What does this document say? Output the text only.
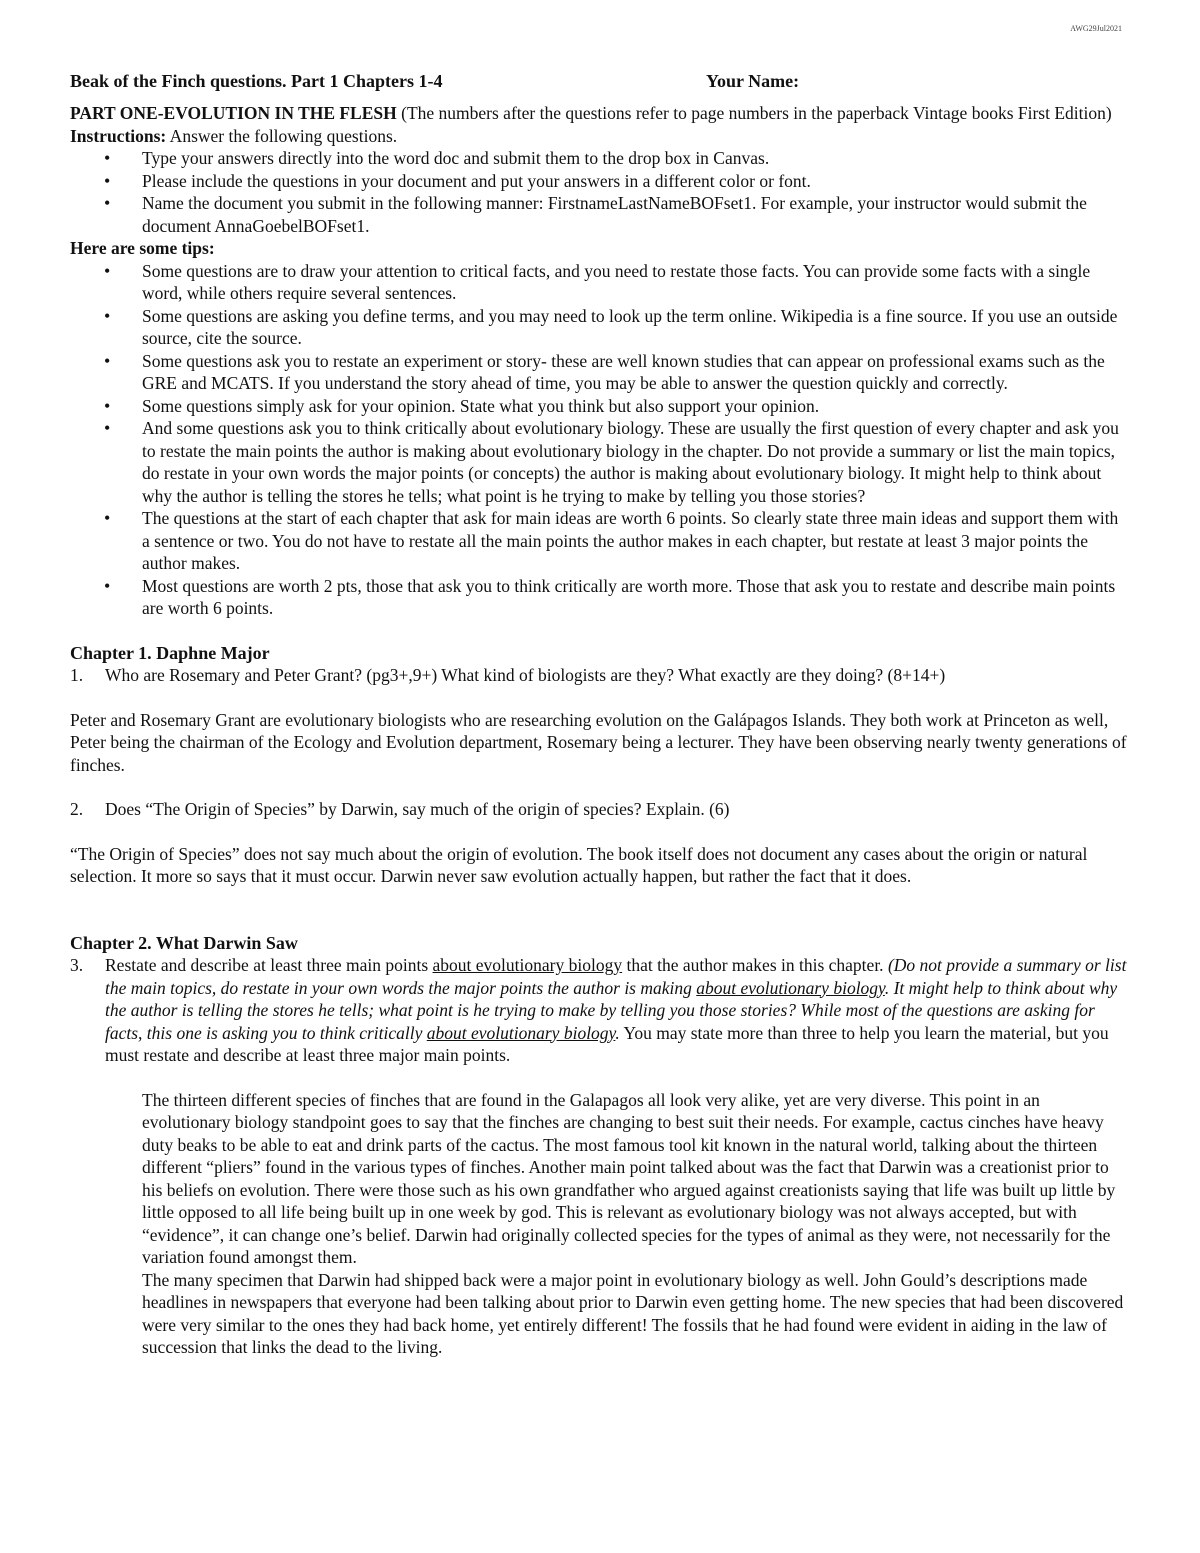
AWG29Jul2021
Beak of the Finch questions. Part 1 Chapters 1-4	Your Name:

PART ONE-EVOLUTION IN THE FLESH (The numbers after the questions refer to page numbers in the paperback Vintage books First Edition)

Instructions: Answer the following questions.

• Type your answers directly into the word doc and submit them to the drop box in Canvas.
• Please include the questions in your document and put your answers in a different color or font.
• Name the document you submit in the following manner: FirstnameLastNameBOFset1. For example, your instructor would submit the document AnnaGoebelBOFset1.

Here are some tips:

• Some questions are to draw your attention to critical facts, and you need to restate those facts. You can provide some facts with a single word, while others require several sentences.
• Some questions are asking you define terms, and you may need to look up the term online. Wikipedia is a fine source. If you use an outside source, cite the source.
• Some questions ask you to restate an experiment or story- these are well known studies that can appear on professional exams such as the GRE and MCATS. If you understand the story ahead of time, you may be able to answer the question quickly and correctly.
• Some questions simply ask for your opinion. State what you think but also support your opinion.
• And some questions ask you to think critically about evolutionary biology. These are usually the first question of every chapter and ask you to restate the main points the author is making about evolutionary biology in the chapter. Do not provide a summary or list the main topics, do restate in your own words the major points (or concepts) the author is making about evolutionary biology. It might help to think about why the author is telling the stores he tells; what point is he trying to make by telling you those stories?
• The questions at the start of each chapter that ask for main ideas are worth 6 points. So clearly state three main ideas and support them with a sentence or two. You do not have to restate all the main points the author makes in each chapter, but restate at least 3 major points the author makes.
• Most questions are worth 2 pts, those that ask you to think critically are worth more. Those that ask you to restate and describe main points are worth 6 points.

Chapter 1. Daphne Major

1. Who are Rosemary and Peter Grant? (pg3+,9+) What kind of biologists are they? What exactly are they doing? (8+14+)

Peter and Rosemary Grant are evolutionary biologists who are researching evolution on the Galápagos Islands. They both work at Princeton as well, Peter being the chairman of the Ecology and Evolution department, Rosemary being a lecturer. They have been observing nearly twenty generations of finches.

2. Does “The Origin of Species” by Darwin, say much of the origin of species? Explain. (6)

“The Origin of Species” does not say much about the origin of evolution. The book itself does not document any cases about the origin or natural selection. It more so says that it must occur. Darwin never saw evolution actually happen, but rather the fact that it does.

Chapter 2. What Darwin Saw

3. Restate and describe at least three main points about evolutionary biology that the author makes in this chapter. (Do not provide a summary or list the main topics, do restate in your own words the major points the author is making about evolutionary biology. It might help to think about why the author is telling the stores he tells; what point is he trying to make by telling you those stories? While most of the questions are asking for facts, this one is asking you to think critically about evolutionary biology. You may state more than three to help you learn the material, but you must restate and describe at least three major main points.

The thirteen different species of finches that are found in the Galapagos all look very alike, yet are very diverse. This point in an evolutionary biology standpoint goes to say that the finches are changing to best suit their needs. For example, cactus cinches have heavy duty beaks to be able to eat and drink parts of the cactus. The most famous tool kit known in the natural world, talking about the thirteen different “pliers” found in the various types of finches. Another main point talked about was the fact that Darwin was a creationist prior to his beliefs on evolution. There were those such as his own grandfather who argued against creationists saying that life was built up little by little opposed to all life being built up in one week by god. This is relevant as evolutionary biology was not always accepted, but with “evidence”, it can change one’s belief. Darwin had originally collected species for the types of animal as they were, not necessarily for the variation found amongst them.

The many specimen that Darwin had shipped back were a major point in evolutionary biology as well. John Gould’s descriptions made headlines in newspapers that everyone had been talking about prior to Darwin even getting home. The new species that had been discovered were very similar to the ones they had back home, yet entirely different! The fossils that he had found were evident in aiding in the law of succession that links the dead to the living.
